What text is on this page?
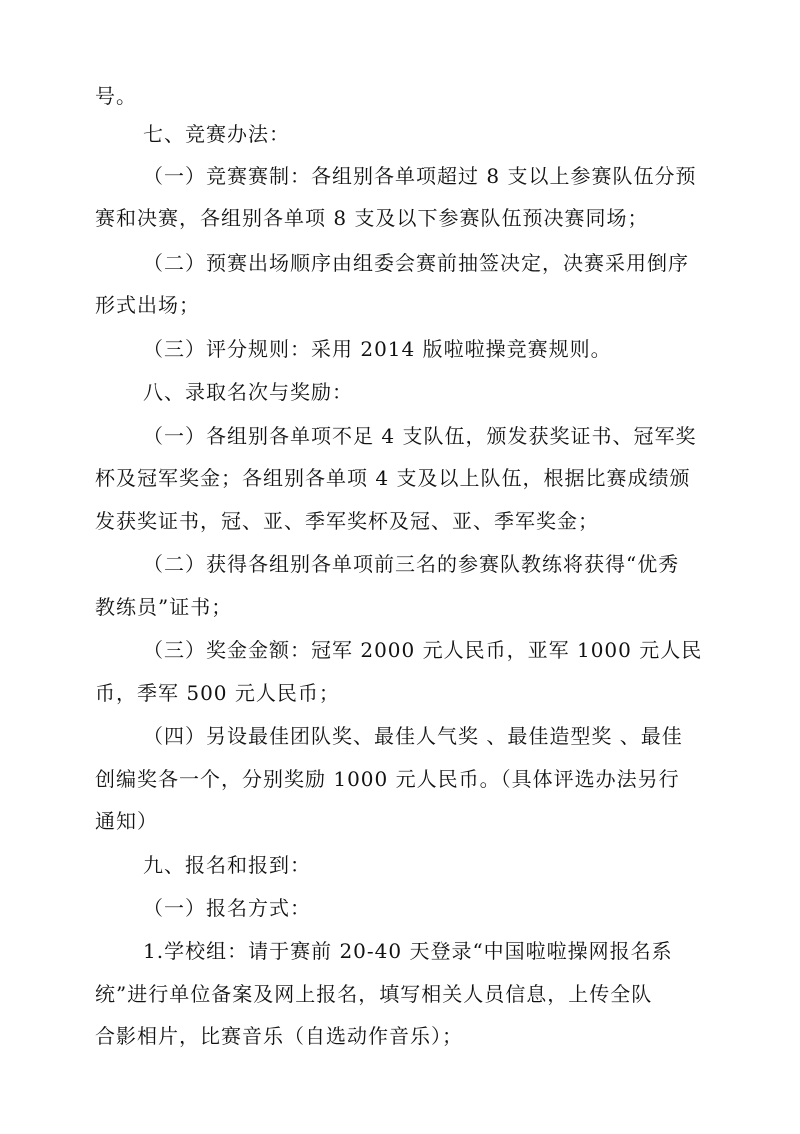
号。

七、竞赛办法：

（一）竞赛赛制：各组别各单项超过 8 支以上参赛队伍分预

赛和决赛，各组别各单项 8 支及以下参赛队伍预决赛同场；

（二）预赛出场顺序由组委会赛前抽签决定，决赛采用倒序

形式出场；

（三）评分规则：采用 2014 版啦啦操竞赛规则。

八、录取名次与奖励：

（一）各组别各单项不足 4 支队伍，颁发获奖证书、冠军奖

杯及冠军奖金；各组别各单项 4 支及以上队伍，根据比赛成绩颁

发获奖证书，冠、亚、季军奖杯及冠、亚、季军奖金；

（二）获得各组别各单项前三名的参赛队教练将获得“优秀

教练员”证书；

（三）奖金金额：冠军 2000 元人民币，亚军 1000 元人民

币，季军 500 元人民币；

（四）另设最佳团队奖、最佳人气奖 、最佳造型奖 、最佳

创编奖各一个，分别奖励 1000 元人民币。（具体评选办法另行

通知）

九、报名和报到：

（一）报名方式：

1.学校组：请于赛前 20-40 天登录“中国啦啦操网报名系

统”进行单位备案及网上报名，填写相关人员信息，上传全队

合影相片，比赛音乐（自选动作音乐）；
